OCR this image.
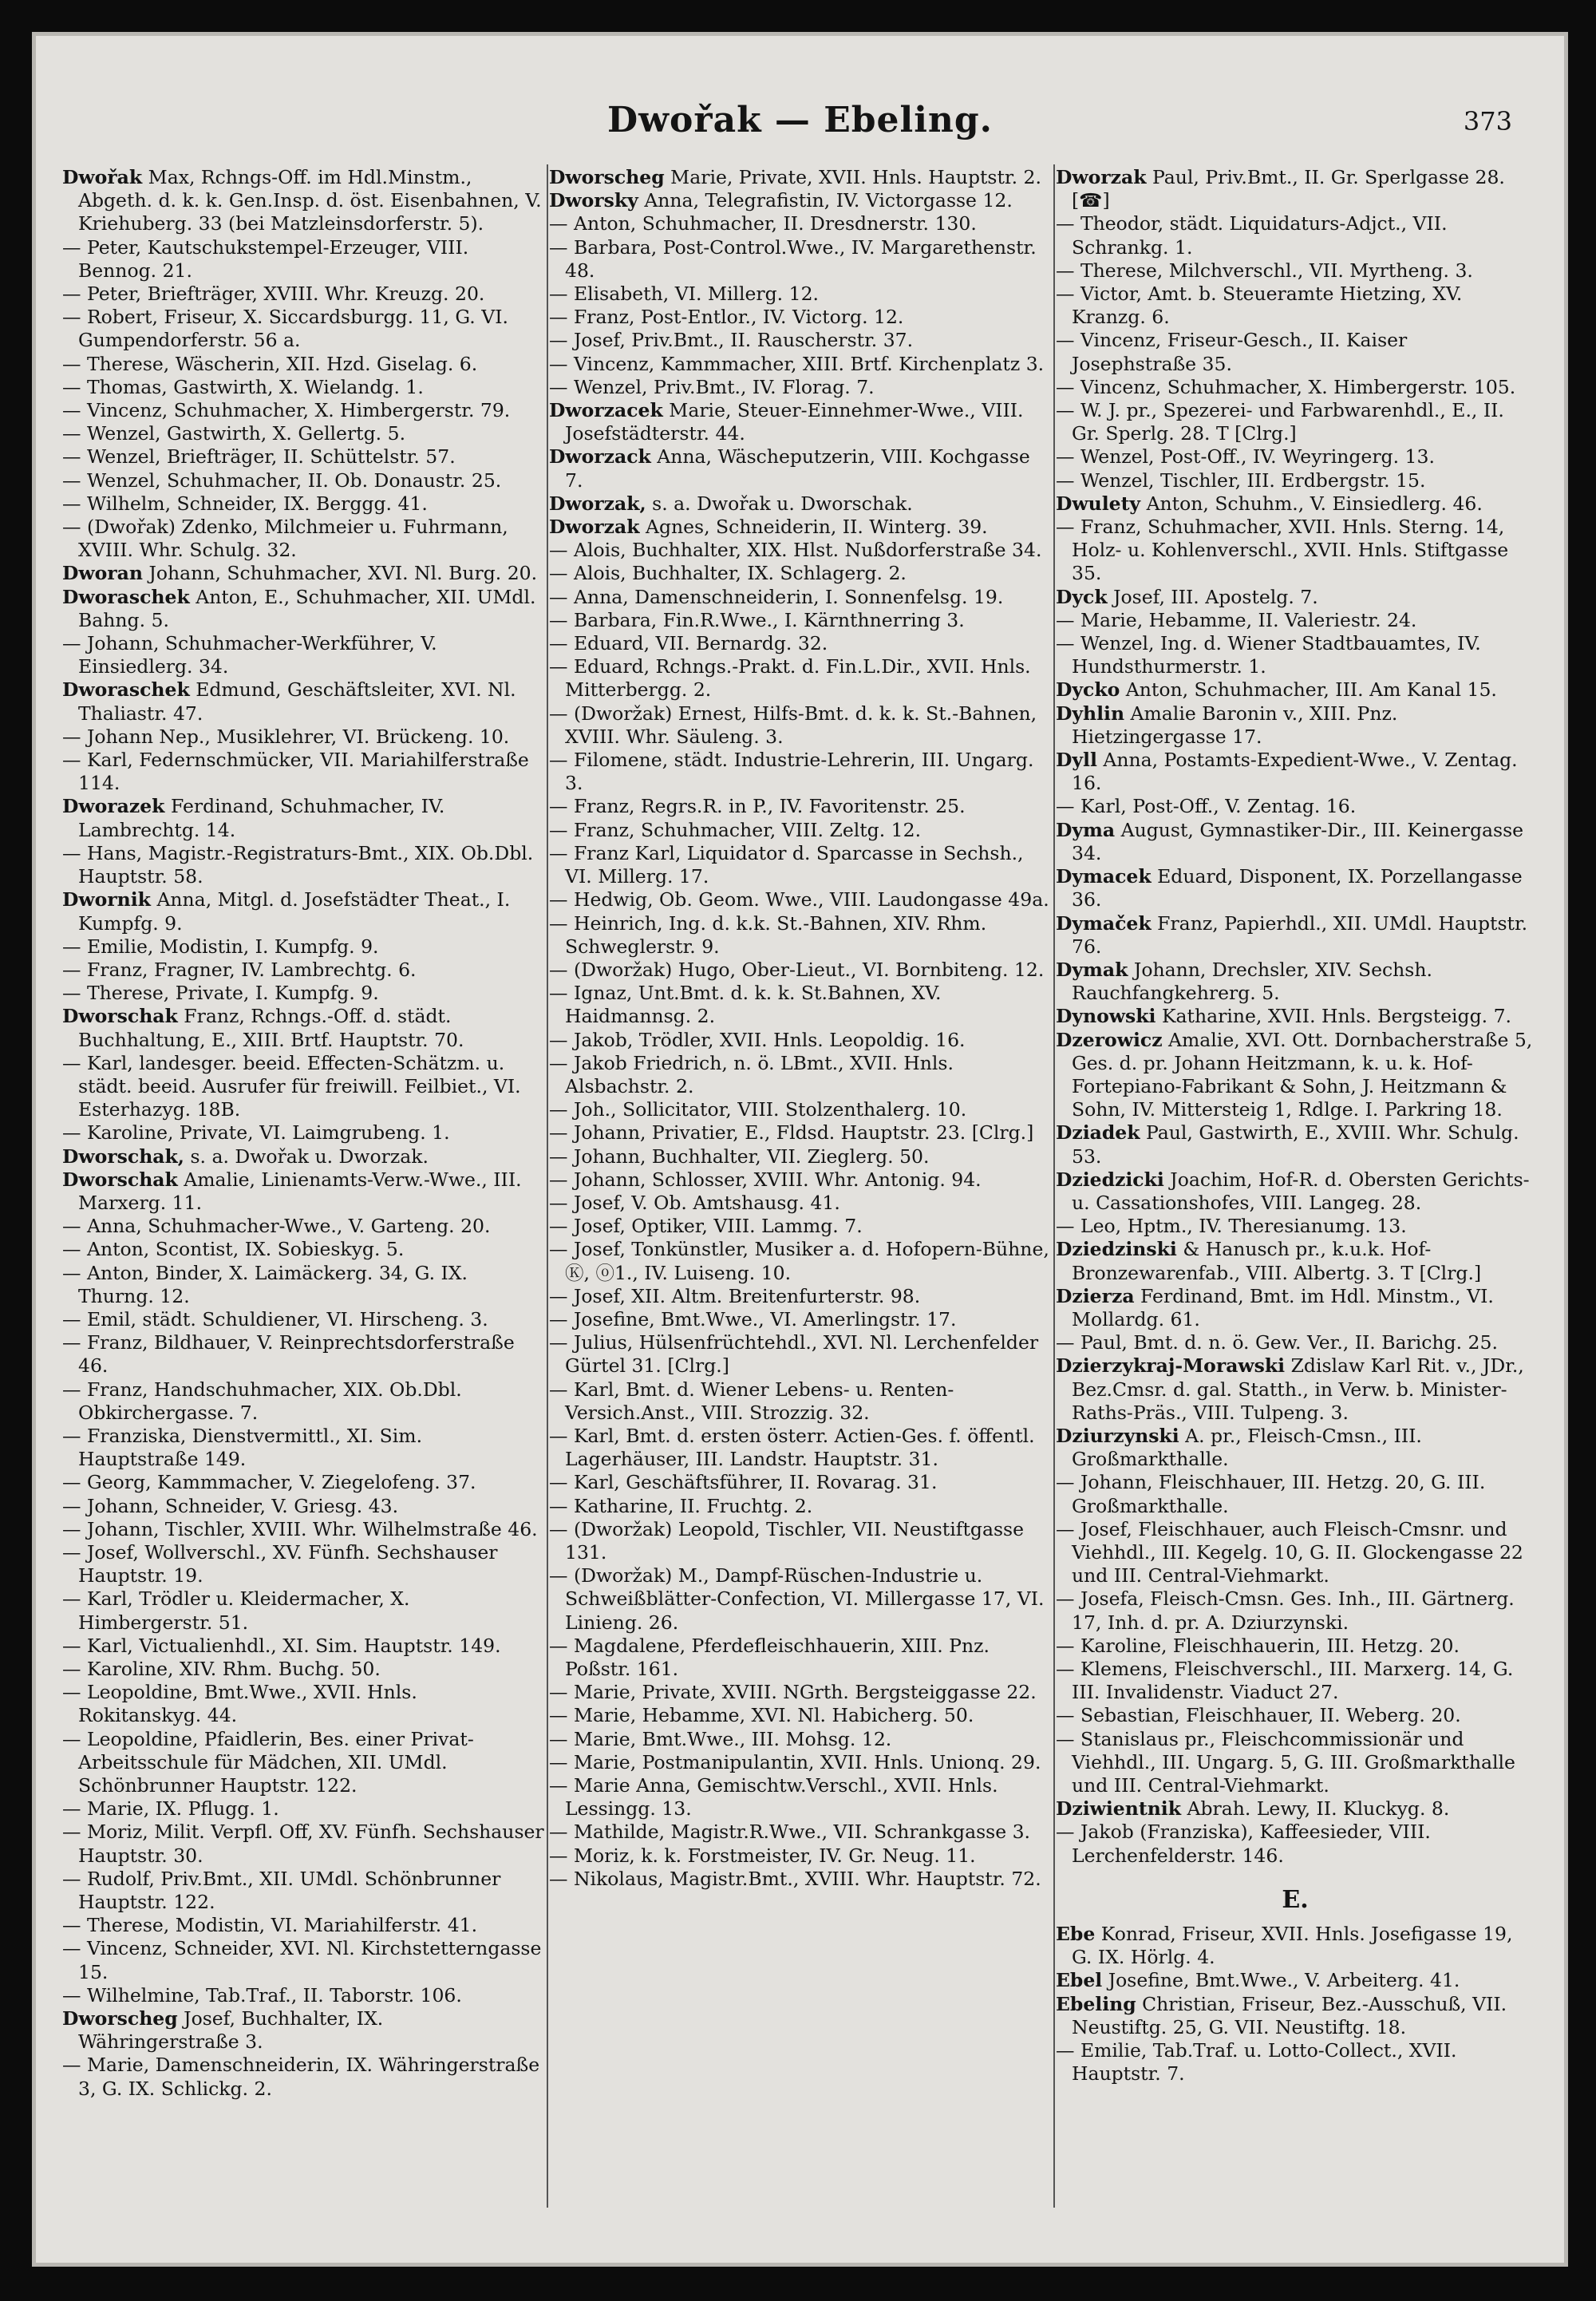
Dwořak — Ebeling.	373

Dwořak Max, Rchngs-Off. im Hdl.Minstm., Abgeth. d. k. k. Gen.Insp. d. öst. Eisenbahnen, V. Kriehuberg. 33 (bei Matzleinsdorferstr. 5).

— Peter, Kautschukstempel-Erzeuger, VIII. Bennog. 21.

— Peter, Briefträger, XVIII. Whr. Kreuzg. 20.

— Robert, Friseur, X. Siccardsburgg. 11, G. VI. Gumpendorferstr. 56 a.

— Therese, Wäscherin, XII. Hzd. Giselag. 6.

— Thomas, Gastwirth, X. Wielandg. 1.

— Vincenz, Schuhmacher, X. Himbergerstr. 79.

— Wenzel, Gastwirth, X. Gellertg. 5.

— Wenzel, Briefträger, II. Schüttelstr. 57.

— Wenzel, Schuhmacher, II. Ob. Donaustr. 25.

— Wilhelm, Schneider, IX. Berggg. 41.

— (Dwořak) Zdenko, Milchmeier u. Fuhrmann, XVIII. Whr. Schulg. 32.

Dworan Johann, Schuhmacher, XVI. Nl. Burg. 20.

Dworaschek Anton, E., Schuhmacher, XII. UMdl. Bahng. 5.

— Johann, Schuhmacher-Werkführer, V. Einsiedlerg. 34.

Dworaschek Edmund, Geschäftsleiter, XVI. Nl. Thaliastr. 47.

— Johann Nep., Musiklehrer, VI. Brückeng. 10.

— Karl, Federnschmücker, VII. Mariahilferstraße 114.

Dworazek Ferdinand, Schuhmacher, IV. Lambrechtg. 14.

— Hans, Magistr.-Registraturs-Bmt., XIX. Ob.Dbl. Hauptstr. 58.

Dwornik Anna, Mitgl. d. Josefstädter Theat., I. Kumpfg. 9.

— Emilie, Modistin, I. Kumpfg. 9.

— Franz, Fragner, IV. Lambrechtg. 6.

— Therese, Private, I. Kumpfg. 9.

Dworschak Franz, Rchngs.-Off. d. städt. Buchhaltung, E., XIII. Brtf. Hauptstr. 70.

— Karl, landesger. beeid. Effecten-Schätzm. u. städt. beeid. Ausrufer für freiwill. Feilbiet., VI. Esterhazyg. 18B.

— Karoline, Private, VI. Laimgrubeng. 1.

Dworschak, s. a. Dwořak u. Dworzak.

Dworschak Amalie, Linienamts-Verw.-Wwe., III. Marxerg. 11.

— Anna, Schuhmacher-Wwe., V. Garteng. 20.

— Anton, Scontist, IX. Sobieskyg. 5.

— Anton, Binder, X. Laimäckerg. 34, G. IX. Thurng. 12.

— Emil, städt. Schuldiener, VI. Hirscheng. 3.

— Franz, Bildhauer, V. Reinprechtsdorferstraße 46.

— Franz, Handschuhmacher, XIX. Ob.Dbl. Obkirchergasse. 7.

— Franziska, Dienstvermittl., XI. Sim. Hauptstraße 149.

— Georg, Kammmacher, V. Ziegelofeng. 37.

— Johann, Schneider, V. Griesg. 43.

— Johann, Tischler, XVIII. Whr. Wilhelmstraße 46.

— Josef, Wollverschl., XV. Fünfh. Sechshauser Hauptstr. 19.

— Karl, Trödler u. Kleidermacher, X. Himbergerstr. 51.

— Karl, Victualienhdl., XI. Sim. Hauptstr. 149.

— Karoline, XIV. Rhm. Buchg. 50.

— Leopoldine, Bmt.Wwe., XVII. Hnls. Rokitanskyg. 44.

— Leopoldine, Pfaidlerin, Bes. einer Privat-Arbeitsschule für Mädchen, XII. UMdl. Schönbrunner Hauptstr. 122.

— Marie, IX. Pflugg. 1.

— Moriz, Milit. Verpfl. Off, XV. Fünfh. Sechshauser Hauptstr. 30.

— Rudolf, Priv.Bmt., XII. UMdl. Schönbrunner Hauptstr. 122.

— Therese, Modistin, VI. Mariahilferstr. 41.

— Vincenz, Schneider, XVI. Nl. Kirchstetterngasse 15.

— Wilhelmine, Tab.Traf., II. Taborstr. 106.

Dworscheg Josef, Buchhalter, IX. Währingerstraße 3.

— Marie, Damenschneiderin, IX. Währingerstraße 3, G. IX. Schlickg. 2.

Dworscheg Marie, Private, XVII. Hnls. Hauptstr. 2.

Dworsky Anna, Telegrafistin, IV. Victorgasse 12.

— Anton, Schuhmacher, II. Dresdnerstr. 130.

— Barbara, Post-Control.Wwe., IV. Margarethenstr. 48.

— Elisabeth, VI. Millerg. 12.

— Franz, Post-Entlor., IV. Victorg. 12.

— Josef, Priv.Bmt., II. Rauscherstr. 37.

— Vincenz, Kammmacher, XIII. Brtf. Kirchenplatz 3.

— Wenzel, Priv.Bmt., IV. Florag. 7.

Dworzacek Marie, Steuer-Einnehmer-Wwe., VIII. Josefstädterstr. 44.

Dworzack Anna, Wäscheputzerin, VIII. Kochgasse 7.

Dworzak, s. a. Dwořak u. Dworschak.

Dworzak Agnes, Schneiderin, II. Winterg. 39.

— Alois, Buchhalter, XIX. Hlst. Nußdorferstraße 34.

— Alois, Buchhalter, IX. Schlagerg. 2.

— Anna, Damenschneiderin, I. Sonnenfelsg. 19.

— Barbara, Fin.R.Wwe., I. Kärnthnerring 3.

— Eduard, VII. Bernardg. 32.

— Eduard, Rchngs.-Prakt. d. Fin.L.Dir., XVII. Hnls. Mitterbergg. 2.

— (Dworžak) Ernest, Hilfs-Bmt. d. k. k. St.-Bahnen, XVIII. Whr. Säuleng. 3.

— Filomene, städt. Industrie-Lehrerin, III. Ungarg. 3.

— Franz, Regrs.R. in P., IV. Favoritenstr. 25.

— Franz, Schuhmacher, VIII. Zeltg. 12.

— Franz Karl, Liquidator d. Sparcasse in Sechsh., VI. Millerg. 17.

— Hedwig, Ob. Geom. Wwe., VIII. Laudongasse 49a.

— Heinrich, Ing. d. k.k. St.-Bahnen, XIV. Rhm. Schweglerstr. 9.

— (Dworžak) Hugo, Ober-Lieut., VI. Bornbiteng. 12.

— Ignaz, Unt.Bmt. d. k. k. St.Bahnen, XV. Haidmannsg. 2.

— Jakob, Trödler, XVII. Hnls. Leopoldig. 16.

— Jakob Friedrich, n. ö. LBmt., XVII. Hnls. Alsbachstr. 2.

— Joh., Sollicitator, VIII. Stolzenthalerg. 10.

— Johann, Privatier, E., Fldsd. Hauptstr. 23. [Clrg.]

— Johann, Buchhalter, VII. Zieglerg. 50.

— Johann, Schlosser, XVIII. Whr. Antonig. 94.

— Josef, V. Ob. Amtshausg. 41.

— Josef, Optiker, VIII. Lammg. 7.

— Josef, Tonkünstler, Musiker a. d. Hofopern-Bühne, Ⓚ, ⓞ1., IV. Luiseng. 10.

— Josef, XII. Altm. Breitenfurterstr. 98.

— Josefine, Bmt.Wwe., VI. Amerlingstr. 17.

— Julius, Hülsenfrüchtehdl., XVI. Nl. Lerchenfelder Gürtel 31. [Clrg.]

— Karl, Bmt. d. Wiener Lebens- u. Renten-Versich.Anst., VIII. Strozzig. 32.

— Karl, Bmt. d. ersten österr. Actien-Ges. f. öffentl. Lagerhäuser, III. Landstr. Hauptstr. 31.

— Karl, Geschäftsführer, II. Rovarag. 31.

— Katharine, II. Fruchtg. 2.

— (Dworžak) Leopold, Tischler, VII. Neustiftgasse 131.

— (Dworžak) M., Dampf-Rüschen-Industrie u. Schweißblätter-Confection, VI. Millergasse 17, VI. Linieng. 26.

— Magdalene, Pferdefleischhauerin, XIII. Pnz. Poßstr. 161.

— Marie, Private, XVIII. NGrth. Bergsteiggasse 22.

— Marie, Hebamme, XVI. Nl. Habicherg. 50.

— Marie, Bmt.Wwe., III. Mohsg. 12.

— Marie, Postmanipulantin, XVII. Hnls. Unionq. 29.

— Marie Anna, Gemischtw.Verschl., XVII. Hnls. Lessingg. 13.

— Mathilde, Magistr.R.Wwe., VII. Schrankgasse 3.

— Moriz, k. k. Forstmeister, IV. Gr. Neug. 11.

— Nikolaus, Magistr.Bmt., XVIII. Whr. Hauptstr. 72.

Dworzak Paul, Priv.Bmt., II. Gr. Sperlgasse 28. [☎]

— Theodor, städt. Liquidaturs-Adjct., VII. Schrankg. 1.

— Therese, Milchverschl., VII. Myrtheng. 3.

— Victor, Amt. b. Steueramte Hietzing, XV. Kranzg. 6.

— Vincenz, Friseur-Gesch., II. Kaiser Josephstraße 35.

— Vincenz, Schuhmacher, X. Himbergerstr. 105.

— W. J. pr., Spezerei- und Farbwarenhdl., E., II. Gr. Sperlg. 28. T [Clrg.]

— Wenzel, Post-Off., IV. Weyringerg. 13.

— Wenzel, Tischler, III. Erdbergstr. 15.

Dwulety Anton, Schuhm., V. Einsiedlerg. 46.

— Franz, Schuhmacher, XVII. Hnls. Sterng. 14, Holz- u. Kohlenverschl., XVII. Hnls. Stiftgasse 35.

Dyck Josef, III. Apostelg. 7.

— Marie, Hebamme, II. Valeriestr. 24.

— Wenzel, Ing. d. Wiener Stadtbauamtes, IV. Hundsthurmerstr. 1.

Dycko Anton, Schuhmacher, III. Am Kanal 15.

Dyhlin Amalie Baronin v., XIII. Pnz. Hietzingergasse 17.

Dyll Anna, Postamts-Expedient-Wwe., V. Zentag. 16.

— Karl, Post-Off., V. Zentag. 16.

Dyma August, Gymnastiker-Dir., III. Keinergasse 34.

Dymacek Eduard, Disponent, IX. Porzellangasse 36.

Dymaček Franz, Papierhdl., XII. UMdl. Hauptstr. 76.

Dymak Johann, Drechsler, XIV. Sechsh. Rauchfangkehrerg. 5.

Dynowski Katharine, XVII. Hnls. Bergsteigg. 7.

Dzerowicz Amalie, XVI. Ott. Dornbacherstraße 5, Ges. d. pr. Johann Heitzmann, k. u. k. Hof-Fortepiano-Fabrikant & Sohn, J. Heitzmann & Sohn, IV. Mittersteig 1, Rdlge. I. Parkring 18.

Dziadek Paul, Gastwirth, E., XVIII. Whr. Schulg. 53.

Dziedzicki Joachim, Hof-R. d. Obersten Gerichts- u. Cassationshofes, VIII. Langeg. 28.

— Leo, Hptm., IV. Theresianumg. 13.

Dziedzinski & Hanusch pr., k.u.k. Hof-Bronzewarenfab., VIII. Albertg. 3. T [Clrg.]

Dzierza Ferdinand, Bmt. im Hdl. Minstm., VI. Mollardg. 61.

— Paul, Bmt. d. n. ö. Gew. Ver., II. Barichg. 25.

Dzierzykraj-Morawski Zdislaw Karl Rit. v., JDr., Bez.Cmsr. d. gal. Statth., in Verw. b. Minister-Raths-Präs., VIII. Tulpeng. 3.

Dziurzynski A. pr., Fleisch-Cmsn., III. Großmarkthalle.

— Johann, Fleischhauer, III. Hetzg. 20, G. III. Großmarkthalle.

— Josef, Fleischhauer, auch Fleisch-Cmsnr. und Viehhdl., III. Kegelg. 10, G. II. Glockengasse 22 und III. Central-Viehmarkt.

— Josefa, Fleisch-Cmsn. Ges. Inh., III. Gärtnerg. 17, Inh. d. pr. A. Dziurzynski.

— Karoline, Fleischhauerin, III. Hetzg. 20.

— Klemens, Fleischverschl., III. Marxerg. 14, G. III. Invalidenstr. Viaduct 27.

— Sebastian, Fleischhauer, II. Weberg. 20.

— Stanislaus pr., Fleischcommissionär und Viehhdl., III. Ungarg. 5, G. III. Großmarkthalle und III. Central-Viehmarkt.

Dziwientnik Abrah. Lewy, II. Kluckyg. 8.

— Jakob (Franziska), Kaffeesieder, VIII. Lerchenfelderstr. 146.

E.

Ebe Konrad, Friseur, XVII. Hnls. Josefigasse 19, G. IX. Hörlg. 4.

Ebel Josefine, Bmt.Wwe., V. Arbeiterg. 41.

Ebeling Christian, Friseur, Bez.-Ausschuß, VII. Neustiftg. 25, G. VII. Neustiftg. 18.

— Emilie, Tab.Traf. u. Lotto-Collect., XVII. Hauptstr. 7.
